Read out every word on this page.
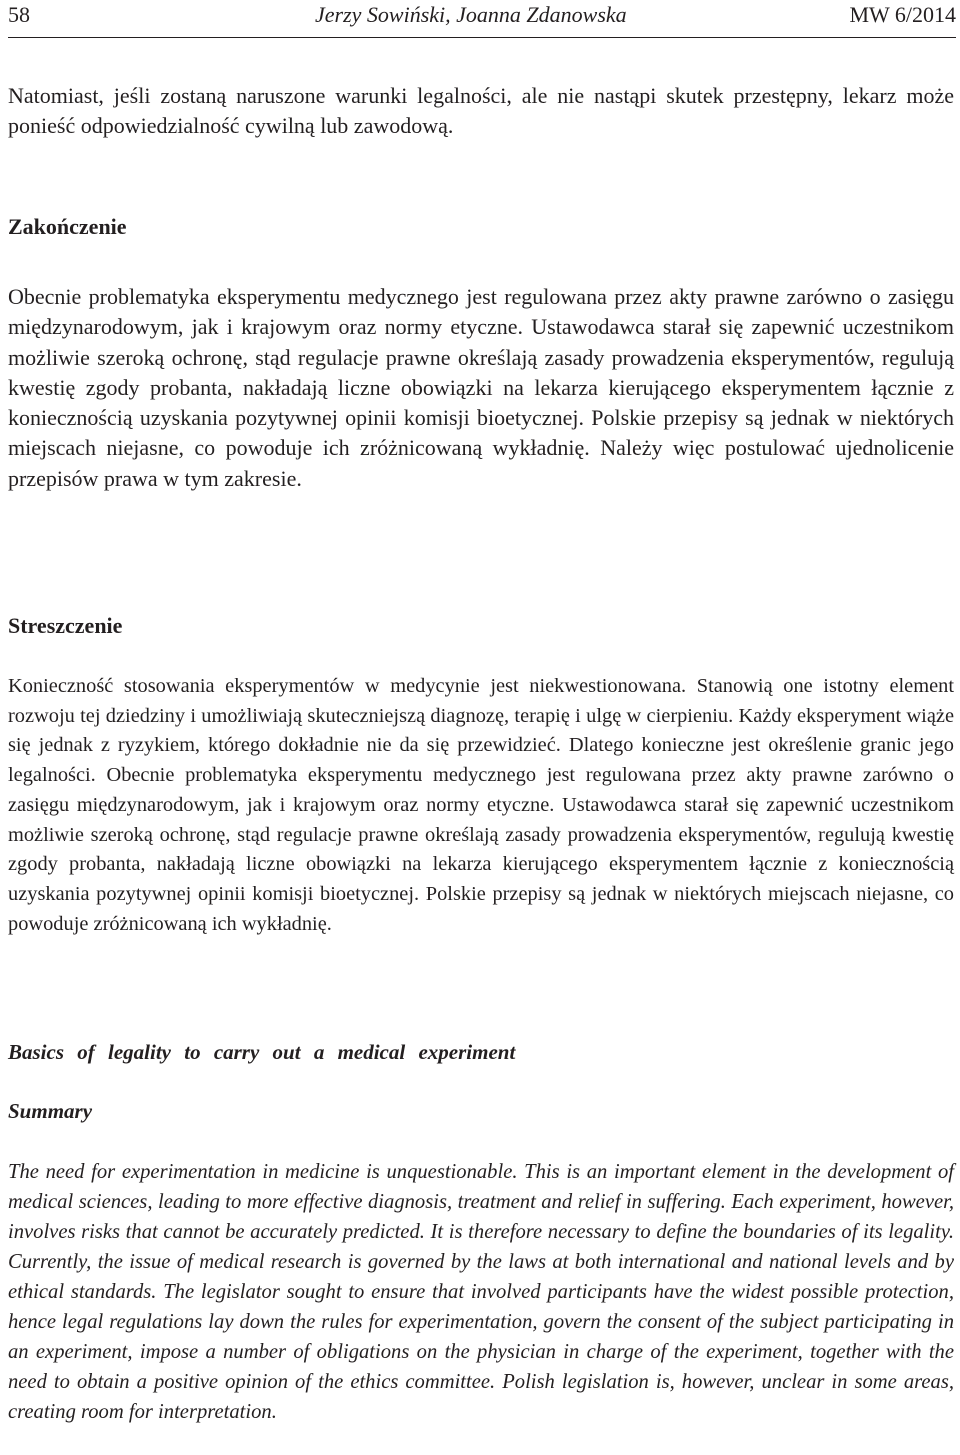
58	Jerzy Sowiński, Joanna Zdanowska	MW 6/2014

Natomiast, jeśli zostaną naruszone warunki legalności, ale nie nastąpi skutek przestępny, lekarz może ponieść odpowiedzialność cywilną lub zawodową.

Zakończenie

Obecnie problematyka eksperymentu medycznego jest regulowana przez akty prawne zarówno o zasięgu międzynarodowym, jak i krajowym oraz normy etyczne. Ustawodawca starał się zapewnić uczestnikom możliwie szeroką ochronę, stąd regulacje prawne określają zasady prowadzenia eksperymentów, regulują kwestię zgody probanta, nakładają liczne obowiązki na lekarza kierującego eksperymentem łącznie z koniecznością uzyskania pozytywnej opinii komisji bioetycznej. Polskie przepisy są jednak w niektórych miejscach niejasne, co powoduje ich zróżnicowaną wykładnię. Należy więc postulować ujednolicenie przepisów prawa w tym zakresie.

Streszczenie

Konieczność stosowania eksperymentów w medycynie jest niekwestionowana. Stanowią one istotny element rozwoju tej dziedziny i umożliwiają skuteczniejszą diagnozę, terapię i ulgę w cierpieniu. Każdy eksperyment wiąże się jednak z ryzykiem, którego dokładnie nie da się przewidzieć. Dlatego konieczne jest określenie granic jego legalności. Obecnie problematyka eksperymentu medycznego jest regulowana przez akty prawne zarówno o zasięgu międzynarodowym, jak i krajowym oraz normy etyczne. Ustawodawca starał się zapewnić uczestnikom możliwie szeroką ochronę, stąd regulacje prawne określają zasady prowadzenia eksperymentów, regulują kwestię zgody probanta, nakładają liczne obowiązki na lekarza kierującego eksperymentem łącznie z koniecznością uzyskania pozytywnej opinii komisji bioetycznej. Polskie przepisy są jednak w niektórych miejscach niejasne, co powoduje zróżnicowaną ich wykładnię.

Basics of legality to carry out a medical experiment
Summary

The need for experimentation in medicine is unquestionable. This is an important element in the development of medical sciences, leading to more effective diagnosis, treatment and relief in suffering. Each experiment, however, involves risks that cannot be accurately predicted. It is therefore necessary to define the boundaries of its legality. Currently, the issue of medical research is governed by the laws at both international and national levels and by ethical standards. The legislator sought to ensure that involved participants have the widest possible protection, hence legal regulations lay down the rules for experimentation, govern the consent of the subject participating in an experiment, impose a number of obligations on the physician in charge of the experiment, together with the need to obtain a positive opinion of the ethics committee. Polish legislation is, however, unclear in some areas, creating room for interpretation.
